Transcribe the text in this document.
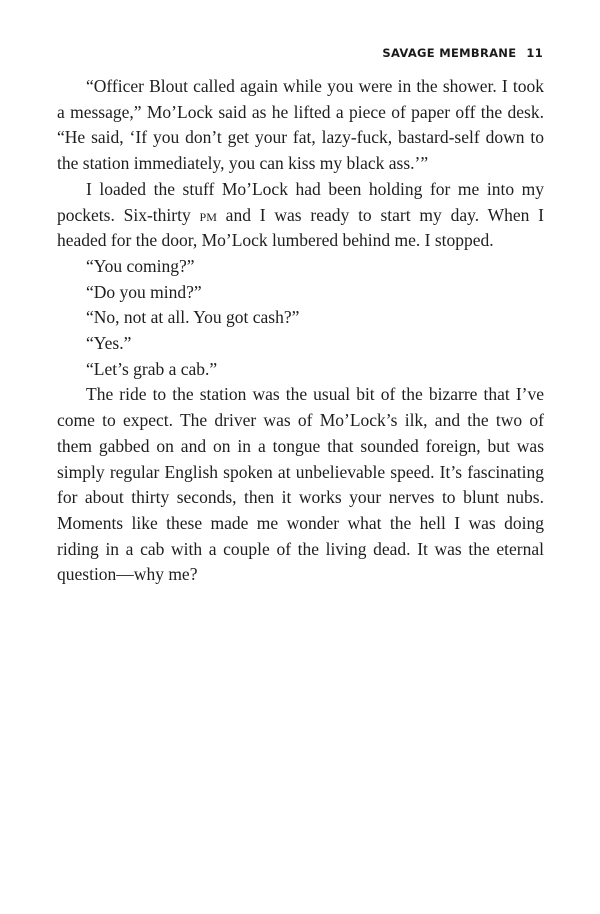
SAVAGE MEMBRANE 11

“Officer Blout called again while you were in the shower. I took a message,” Mo’Lock said as he lifted a piece of paper off the desk. “He said, ‘If you don’t get your fat, lazy-fuck, bastard-self down to the station immediately, you can kiss my black ass.’”

I loaded the stuff Mo’Lock had been holding for me into my pockets. Six-thirty pm and I was ready to start my day. When I headed for the door, Mo’Lock lumbered behind me. I stopped.

“You coming?”

“Do you mind?”

“No, not at all. You got cash?”

“Yes.”

“Let’s grab a cab.”

The ride to the station was the usual bit of the bizarre that I’ve come to expect. The driver was of Mo’Lock’s ilk, and the two of them gabbed on and on in a tongue that sounded foreign, but was simply regular English spoken at unbelievable speed. It’s fascinating for about thirty seconds, then it works your nerves to blunt nubs. Moments like these made me wonder what the hell I was doing riding in a cab with a couple of the living dead. It was the eternal question—why me?
